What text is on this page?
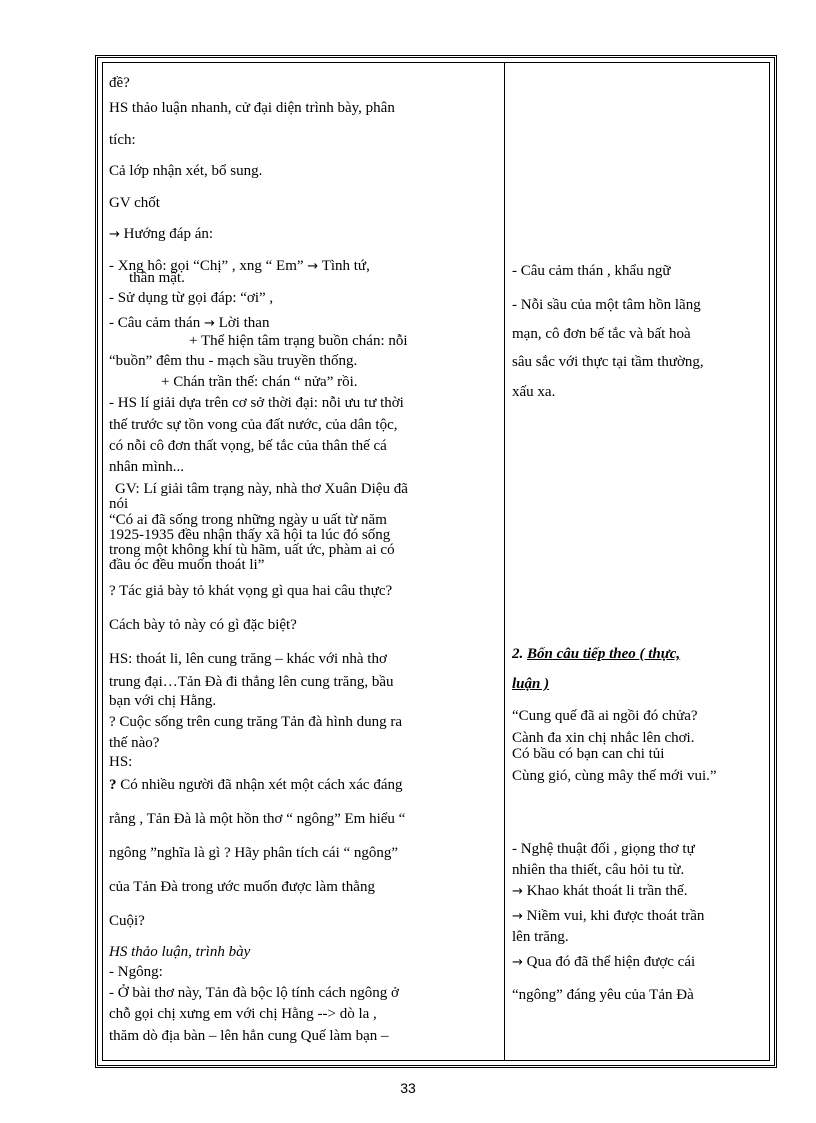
đề?
HS thảo luận nhanh, cử đại diện trình bày, phân
tích:
Cả lớp nhận xét, bổ sung.
GV chốt
→ Hướng đáp án:
- Xng hô: gọi “Chị” , xng “ Em” → Tình tứ,
thân mật.
- Sử dụng từ gọi đáp: “ơi” ,
- Câu cảm thán → Lời than
+ Thể hiện tâm trạng buồn chán: nỗi
“buồn” đêm thu - mạch sầu truyền thống.
+ Chán trần thế: chán “ nửa” rồi.
- HS lí giải dựa trên cơ sở thời đại: nỗi ưu tư thời
thế trước sự tồn vong của đất nước, của dân tộc,
có nỗi cô đơn thất vọng, bế tắc của thân thế cá
nhân mình...
GV: Lí giải tâm trạng này, nhà thơ Xuân Diệu đã
nói
“Có ai đã sống trong những ngày u uất từ năm
1925-1935 đều nhận thấy xã hội ta lúc đó sống
trong một không khí tù hãm, uất ức, phàm ai có
đầu óc đều muốn thoát li”
? Tác giả bày tỏ khát vọng gì qua hai câu thực?
Cách bày tỏ này có gì đặc biệt?
HS: thoát li, lên cung trăng – khác với nhà thơ
trung đại…Tản Đà đi thẳng lên cung trăng, bầu
bạn với chị Hằng.
? Cuộc sống trên cung trăng Tản đà hình dung ra
thế nào?
HS:
? Có nhiều người đã nhận xét một cách xác đáng
rằng , Tản Đà là một hồn thơ “ ngông” Em hiểu “
ngông ”nghĩa là gì ? Hãy phân tích cái “ ngông”
của Tản Đà trong ước muốn được làm thằng
Cuội?
HS thảo luận, trình bày
- Ngông:
- Ở bài thơ này, Tản đà bộc lộ tính cách ngông ở
chỗ gọi chị xưng em với chị Hằng --> dò la ,
thăm dò địa bàn – lên hẳn cung Quế làm bạn –
- Câu cảm thán , khẩu ngữ
- Nỗi sầu của một tâm hồn lãng
mạn, cô đơn bế tắc và bất hoà
sâu sắc với thực tại tầm thường,
xấu xa.
2. Bốn câu tiếp theo ( thực,
luận )
“Cung quế đã ai ngồi đó chửa?
Cành đa xin chị nhắc lên chơi.
Có bầu có bạn can chi tủi
Cùng gió, cùng mây thế mới vui.”
- Nghệ thuật đối , giọng thơ tự
nhiên tha thiết, câu hỏi tu từ.
→ Khao khát thoát li trần thế.
→ Niềm vui, khi được thoát trần
lên trăng.
→ Qua đó đã thể hiện được cái
“ngông” đáng yêu của Tản Đà
33
